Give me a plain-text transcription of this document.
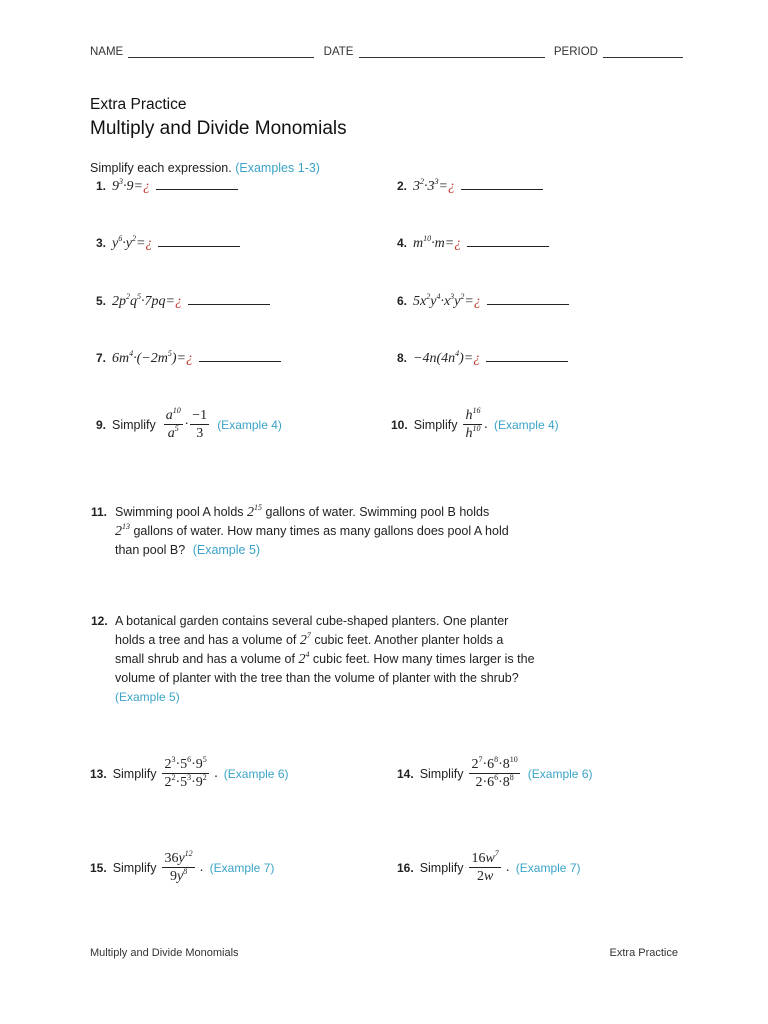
NAME	DATE	PERIOD
Extra Practice
Multiply and Divide Monomials
Simplify each expression. (Examples 1-3)
1. $9^3\cdot 9=¿$	2. $3^2\cdot 3^3=¿$
3. $y^6\cdot y^2=¿$	4. $m^{10}\cdot m=¿$
5. $2p^2q^5\cdot 7pq=¿$	6. $5x^2y^4\cdot x^3y^2=¿$
7. $6m^4\cdot(-2m^5)=¿$	8. $-4n(4n^4)=¿$
9. Simplify $\frac{a^{10}}{a^5} \cdot \frac{-1}{3}$ (Example 4)	10. Simplify $\frac{h^{16}}{h^{10}}$ . (Example 4)
11. Swimming pool A holds $2^{15}$ gallons of water. Swimming pool B holds

$2^{13}$ gallons of water. How many times as many gallons does pool A hold

than pool B? (Example 5)

12. A botanical garden contains several cube-shaped planters. One planter

holds a tree and has a volume of $2^7$ cubic feet. Another planter holds a

small shrub and has a volume of $2^4$ cubic feet. How many times larger is the

volume of planter with the tree than the volume of planter with the shrub?

(Example 5)

13. Simplify $\frac{2^3\cdot 5^6\cdot 9^5}{2^2\cdot 5^3\cdot 9^2}$ . (Example 6)	14. Simplify $\frac{2^7\cdot 6^8\cdot 8^{10}}{2\cdot 6^6\cdot 8^8}$ (Example 6)
15. Simplify $\frac{36y^{12}}{9y^8}$ . (Example 7)	16. Simplify $\frac{16w^7}{2w}$ . (Example 7)
Multiply and Divide Monomials	Extra Practice
